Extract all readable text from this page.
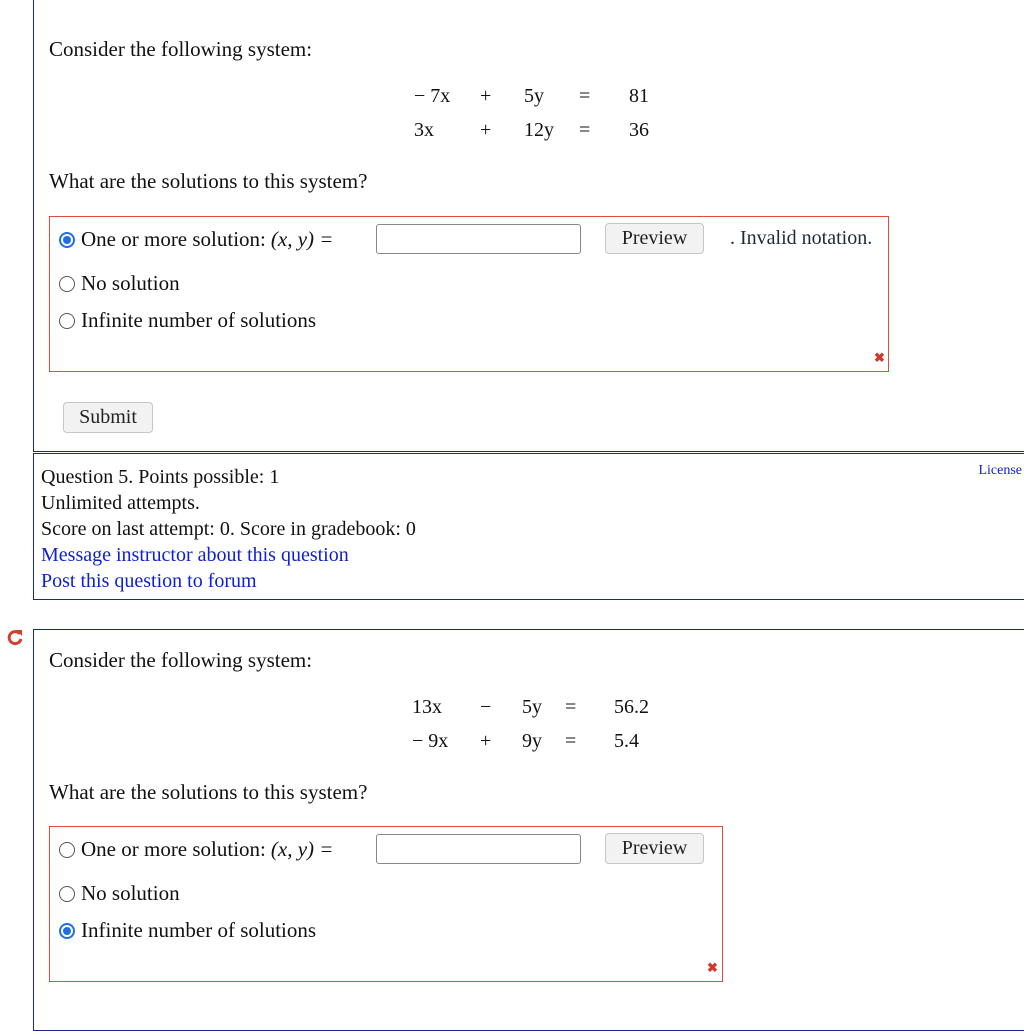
Consider the following system:
− 7x + 5y = 81
3x + 12y = 36
What are the solutions to this system?
One or more solution: (x, y) =	Preview	. Invalid notation.
No solution
Infinite number of solutions
✖
Submit
Question 5. Points possible: 1
Unlimited attempts.
Score on last attempt: 0. Score in gradebook: 0
Message instructor about this question
Post this question to forum
License
Consider the following system:
13x − 5y = 56.2
− 9x + 9y = 5.4
What are the solutions to this system?
One or more solution: (x, y) =	Preview
No solution
Infinite number of solutions
✖
